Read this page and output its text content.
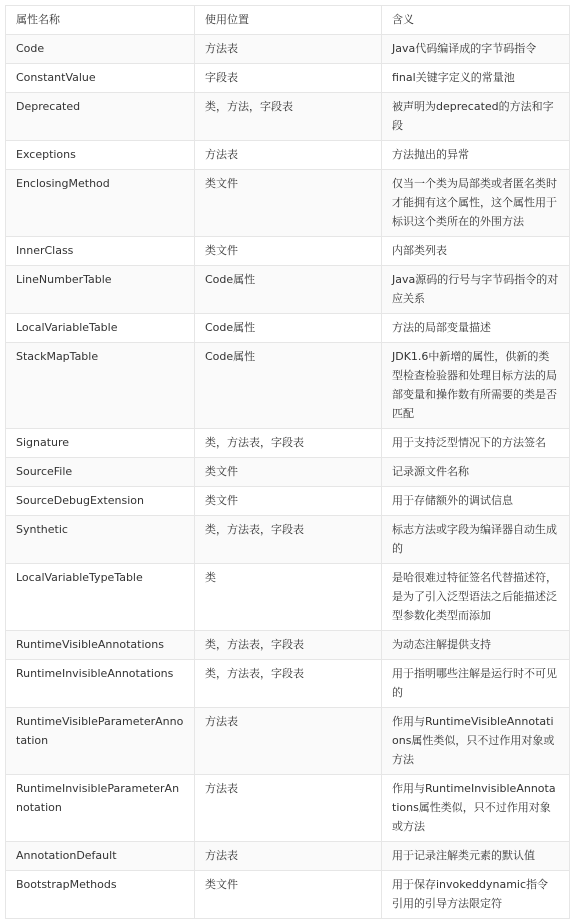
属性名称	使用位置	含义
Code	方法表	Java代码编译成的字节码指令
ConstantValue	字段表	final关键字定义的常量池
Deprecated	类，方法，字段表	被声明为deprecated的方法和字段
Exceptions	方法表	方法抛出的异常
EnclosingMethod	类文件	仅当一个类为局部类或者匿名类时才能拥有这个属性，这个属性用于标识这个类所在的外围方法
InnerClass	类文件	内部类列表
LineNumberTable	Code属性	Java源码的行号与字节码指令的对应关系
LocalVariableTable	Code属性	方法的局部变量描述
StackMapTable	Code属性	JDK1.6中新增的属性，供新的类型检查检验器和处理目标方法的局部变量和操作数有所需要的类是否匹配
Signature	类，方法表，字段表	用于支持泛型情况下的方法签名
SourceFile	类文件	记录源文件名称
SourceDebugExtension	类文件	用于存储额外的调试信息
Synthetic	类，方法表，字段表	标志方法或字段为编译器自动生成的
LocalVariableTypeTable	类	是哈很难过特征签名代替描述符，是为了引入泛型语法之后能描述泛型参数化类型而添加
RuntimeVisibleAnnotations	类，方法表，字段表	为动态注解提供支持
RuntimeInvisibleAnnotations	类，方法表，字段表	用于指明哪些注解是运行时不可见的
RuntimeVisibleParameterAnnotation	方法表	作用与RuntimeVisibleAnnotations属性类似，只不过作用对象或方法
RuntimeInvisibleParameterAnnotation	方法表	作用与RuntimeInvisibleAnnotations属性类似，只不过作用对象或方法
AnnotationDefault	方法表	用于记录注解类元素的默认值
BootstrapMethods	类文件	用于保存invokeddynamic指令引用的引导方法限定符
